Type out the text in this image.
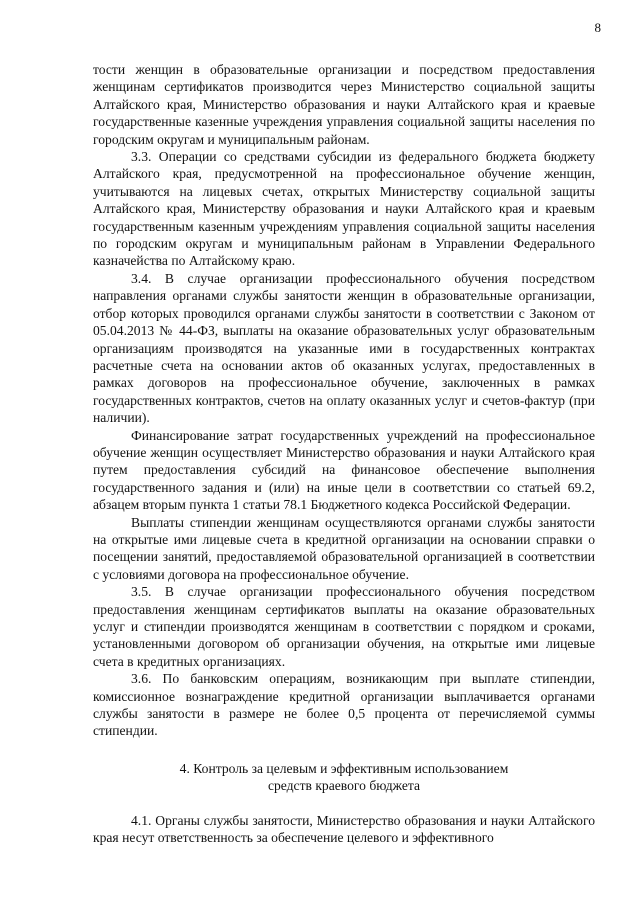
8

тости женщин в образовательные организации и посредством предоставления женщинам сертификатов производится через Министерство социальной защиты Алтайского края, Министерство образования и науки Алтайского края и краевые государственные казенные учреждения управления социальной защиты населения по городским округам и муниципальным районам.

3.3. Операции со средствами субсидии из федерального бюджета бюджету Алтайского края, предусмотренной на профессиональное обучение женщин, учитываются на лицевых счетах, открытых Министерству социальной защиты Алтайского края, Министерству образования и науки Алтайского края и краевым государственным казенным учреждениям управления социальной защиты населения по городским округам и муниципальным районам в Управлении Федерального казначейства по Алтайскому краю.

3.4. В случае организации профессионального обучения посредством направления органами службы занятости женщин в образовательные организации, отбор которых проводился органами службы занятости в соответствии с Законом от 05.04.2013 № 44-ФЗ, выплаты на оказание образовательных услуг образовательным организациям производятся на указанные ими в государственных контрактах расчетные счета на основании актов об оказанных услугах, предоставленных в рамках договоров на профессиональное обучение, заключенных в рамках государственных контрактов, счетов на оплату оказанных услуг и счетов-фактур (при наличии).

Финансирование затрат государственных учреждений на профессиональное обучение женщин осуществляет Министерство образования и науки Алтайского края путем предоставления субсидий на финансовое обеспечение выполнения государственного задания и (или) на иные цели в соответствии со статьей 69.2, абзацем вторым пункта 1 статьи 78.1 Бюджетного кодекса Российской Федерации.

Выплаты стипендии женщинам осуществляются органами службы занятости на открытые ими лицевые счета в кредитной организации на основании справки о посещении занятий, предоставляемой образовательной организацией в соответствии с условиями договора на профессиональное обучение.

3.5. В случае организации профессионального обучения посредством предоставления женщинам сертификатов выплаты на оказание образовательных услуг и стипендии производятся женщинам в соответствии с порядком и сроками, установленными договором об организации обучения, на открытые ими лицевые счета в кредитных организациях.

3.6. По банковским операциям, возникающим при выплате стипендии, комиссионное вознаграждение кредитной организации выплачивается органами службы занятости в размере не более 0,5 процента от перечисляемой суммы стипендии.

4. Контроль за целевым и эффективным использованием
средств краевого бюджета

4.1. Органы службы занятости, Министерство образования и науки Алтайского края несут ответственность за обеспечение целевого и эффективного
